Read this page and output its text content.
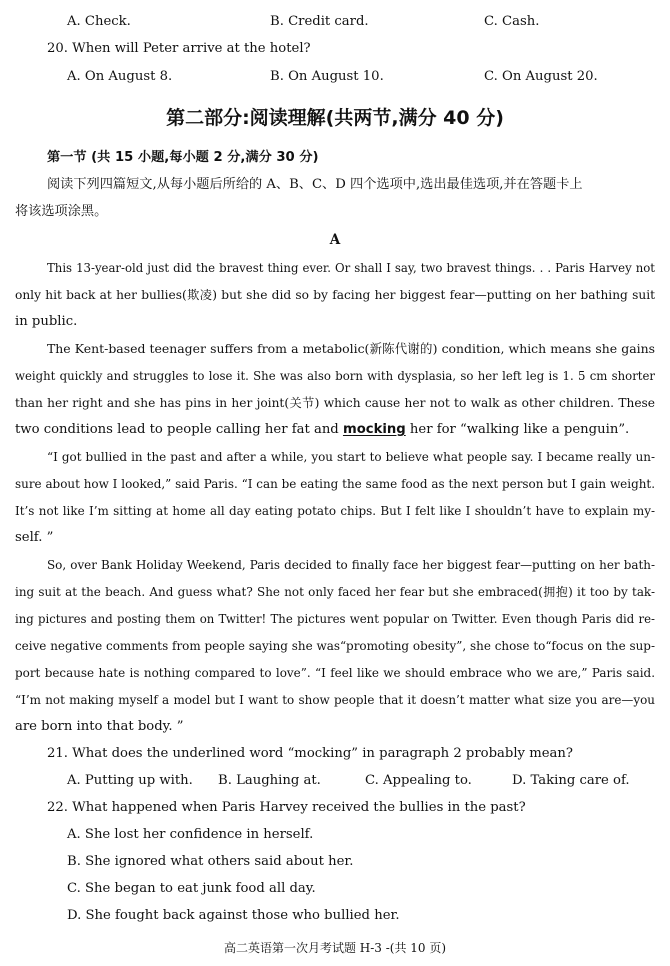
A. Check.	B. Credit card.	C. Cash.
20. When will Peter arrive at the hotel?
A. On August 8.	B. On August 10.	C. On August 20.
第二部分:阅读理解(共两节,满分 40 分)
第一节 (共 15 小题,每小题 2 分,满分 30 分)
阅读下列四篇短文,从每小题后所给的 A、B、C、D 四个选项中,选出最佳选项,并在答题卡上
将该选项涂黑。
A
This 13-year-old just did the bravest thing ever. Or shall I say, two bravest things. . . Paris Harvey not
only hit back at her bullies(欺凌) but she did so by facing her biggest fear—putting on her bathing suit
in public.
The Kent-based teenager suffers from a metabolic(新陈代谢的) condition, which means she gains
weight quickly and struggles to lose it. She was also born with dysplasia, so her left leg is 1. 5 cm shorter
than her right and she has pins in her joint(关节) which cause her not to walk as other children. These
two conditions lead to people calling her fat and mocking her for “walking like a penguin”.
“I got bullied in the past and after a while, you start to believe what people say. I became really un-
sure about how I looked,” said Paris. “I can be eating the same food as the next person but I gain weight.
It’s not like I’m sitting at home all day eating potato chips. But I felt like I shouldn’t have to explain my-
self. ”
So, over Bank Holiday Weekend, Paris decided to finally face her biggest fear—putting on her bath-
ing suit at the beach. And guess what? She not only faced her fear but she embraced(拥抱) it too by tak-
ing pictures and posting them on Twitter! The pictures went popular on Twitter. Even though Paris did re-
ceive negative comments from people saying she was“promoting obesity”, she chose to“focus on the sup-
port because hate is nothing compared to love”. “I feel like we should embrace who we are,” Paris said.
“I’m not making myself a model but I want to show people that it doesn’t matter what size you are—you
are born into that body. ”
21. What does the underlined word “mocking” in paragraph 2 probably mean?
A. Putting up with. B. Laughing at.	C. Appealing to.	D. Taking care of.
22. What happened when Paris Harvey received the bullies in the past?
A. She lost her confidence in herself.
B. She ignored what others said about her.
C. She began to eat junk food all day.
D. She fought back against those who bullied her.
高二英语第一次月考试题 H-3 -(共 10 页)
